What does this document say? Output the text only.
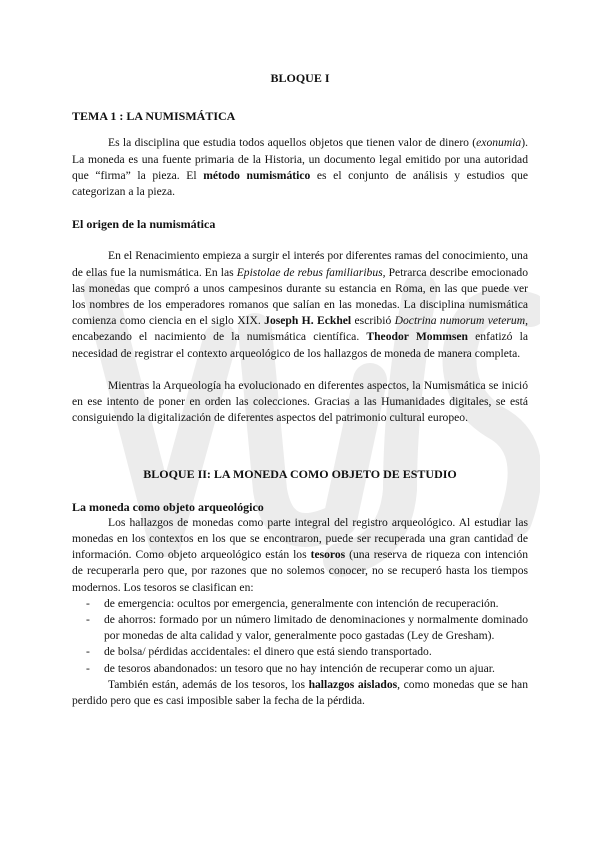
BLOQUE I
TEMA 1 : LA NUMISMÁTICA

Es la disciplina que estudia todos aquellos objetos que tienen valor de dinero (exonumia). La moneda es una fuente primaria de la Historia, un documento legal emitido por una autoridad que “firma” la pieza. El método numismático es el conjunto de análisis y estudios que categorizan a la pieza.

El origen de la numismática

En el Renacimiento empieza a surgir el interés por diferentes ramas del conocimiento, una de ellas fue la numismática. En las Epistolae de rebus familiaribus, Petrarca describe emocionado las monedas que compró a unos campesinos durante su estancia en Roma, en las que puede ver los nombres de los emperadores romanos que salían en las monedas. La disciplina numismática comienza como ciencia en el siglo XIX. Joseph H. Eckhel escribió Doctrina numorum veterum, encabezando el nacimiento de la numismática científica. Theodor Mommsen enfatizó la necesidad de registrar el contexto arqueológico de los hallazgos de moneda de manera completa.

Mientras la Arqueología ha evolucionado en diferentes aspectos, la Numismática se inició en ese intento de poner en orden las colecciones. Gracias a las Humanidades digitales, se está consiguiendo la digitalización de diferentes aspectos del patrimonio cultural europeo.

BLOQUE II: LA MONEDA COMO OBJETO DE ESTUDIO
La moneda como objeto arqueológico

Los hallazgos de monedas como parte integral del registro arqueológico. Al estudiar las monedas en los contextos en los que se encontraron, puede ser recuperada una gran cantidad de información. Como objeto arqueológico están los tesoros (una reserva de riqueza con intención de recuperarla pero que, por razones que no solemos conocer, no se recuperó hasta los tiempos modernos. Los tesoros se clasifican en:

- de emergencia: ocultos por emergencia, generalmente con intención de recuperación.
- de ahorros: formado por un número limitado de denominaciones y normalmente dominado por monedas de alta calidad y valor, generalmente poco gastadas (Ley de Gresham).
- de bolsa/ pérdidas accidentales: el dinero que está siendo transportado.
- de tesoros abandonados: un tesoro que no hay intención de recuperar como un ajuar.

También están, además de los tesoros, los hallazgos aislados, como monedas que se han perdido pero que es casi imposible saber la fecha de la pérdida.
